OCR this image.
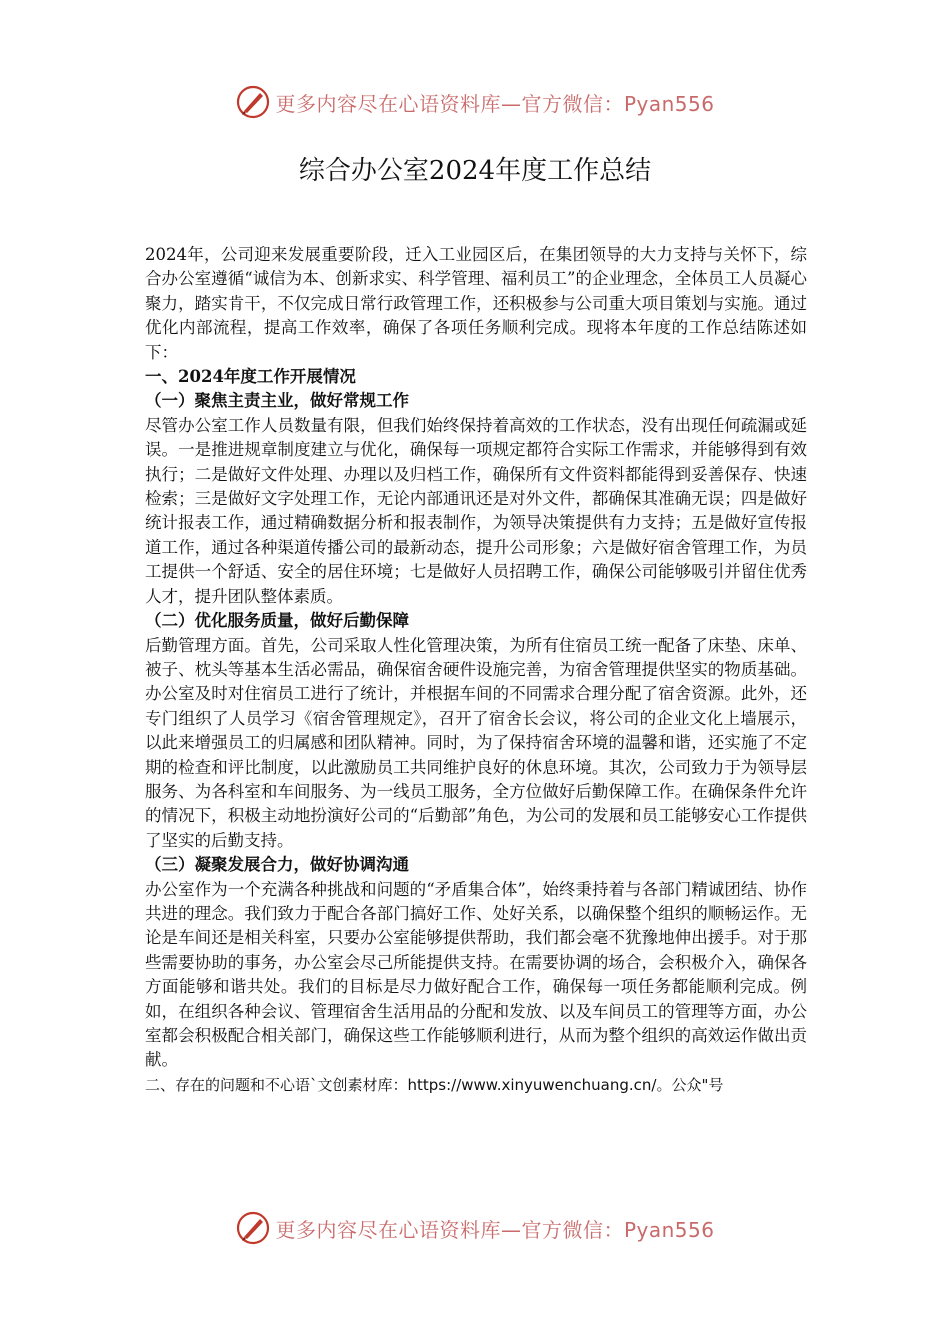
更多内容尽在心语资料库—官方微信：Pyan556
综合办公室2024年度工作总结

2024年，公司迎来发展重要阶段，迁入工业园区后，在集团领导的大力支持与关怀下，综合办公室遵循“诚信为本、创新求实、科学管理、福利员工”的企业理念，全体员工人员凝心聚力，踏实肯干，不仅完成日常行政管理工作，还积极参与公司重大项目策划与实施。通过优化内部流程，提高工作效率，确保了各项任务顺利完成。现将本年度的工作总结陈述如下：

一、2024年度工作开展情况

（一）聚焦主责主业，做好常规工作

尽管办公室工作人员数量有限，但我们始终保持着高效的工作状态，没有出现任何疏漏或延误。一是推进规章制度建立与优化，确保每一项规定都符合实际工作需求，并能够得到有效执行；二是做好文件处理、办理以及归档工作，确保所有文件资料都能得到妥善保存、快速检索；三是做好文字处理工作，无论内部通讯还是对外文件，都确保其准确无误；四是做好统计报表工作，通过精确数据分析和报表制作，为领导决策提供有力支持；五是做好宣传报道工作，通过各种渠道传播公司的最新动态，提升公司形象；六是做好宿舍管理工作，为员工提供一个舒适、安全的居住环境；七是做好人员招聘工作，确保公司能够吸引并留住优秀人才，提升团队整体素质。

（二）优化服务质量，做好后勤保障

后勤管理方面。首先，公司采取人性化管理决策，为所有住宿员工统一配备了床垫、床单、被子、枕头等基本生活必需品，确保宿舍硬件设施完善，为宿舍管理提供坚实的物质基础。办公室及时对住宿员工进行了统计，并根据车间的不同需求合理分配了宿舍资源。此外，还专门组织了人员学习《宿舍管理规定》，召开了宿舍长会议，将公司的企业文化上墙展示，以此来增强员工的归属感和团队精神。同时，为了保持宿舍环境的温馨和谐，还实施了不定期的检查和评比制度，以此激励员工共同维护良好的休息环境。其次，公司致力于为领导层服务、为各科室和车间服务、为一线员工服务，全方位做好后勤保障工作。在确保条件允许的情况下，积极主动地扮演好公司的“后勤部”角色，为公司的发展和员工能够安心工作提供了坚实的后勤支持。

（三）凝聚发展合力，做好协调沟通

办公室作为一个充满各种挑战和问题的“矛盾集合体”，始终秉持着与各部门精诚团结、协作共进的理念。我们致力于配合各部门搞好工作、处好关系，以确保整个组织的顺畅运作。无论是车间还是相关科室，只要办公室能够提供帮助，我们都会毫不犹豫地伸出援手。对于那些需要协助的事务，办公室会尽己所能提供支持。在需要协调的场合，会积极介入，确保各方面能够和谐共处。我们的目标是尽力做好配合工作，确保每一项任务都能顺利完成。例如，在组织各种会议、管理宿舍生活用品的分配和发放、以及车间员工的管理等方面，办公室都会积极配合相关部门，确保这些工作能够顺利进行，从而为整个组织的高效运作做出贡献。

二、存在的问题和不心语`文创素材库：https://www.xinyuwenchuang.cn/。公众"号

更多内容尽在心语资料库—官方微信：Pyan556
